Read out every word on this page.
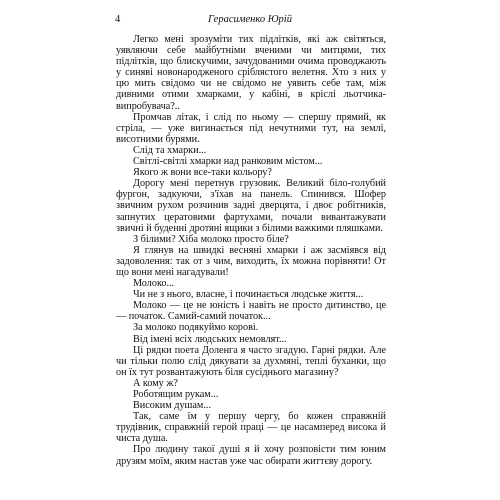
4	Герасименко Юрій

Легко мені зрозуміти тих підлітків, які аж світяться, уявляючи себе майбутніми вченими чи митцями, тих підлітків, що блискучими, зачудованими очима проводжають у синяві новонародженого сріблястого велетня. Хто з них у цю мить свідомо чи не свідомо не уявить себе там, між дивними отими хмарками, у кабіні, в кріслі льотчика-випробувача?..

Промчав літак, і слід по ньому — спершу прямий, як стріла, — уже вигинається під нечутними тут, на землі, висотними бурями.

Слід та хмарки...

Світлі-світлі хмарки над ранковим містом...

Якого ж вони все-таки кольору?

Дорогу мені перетнув грузовик. Великий біло-голубий фургон, задкуючи, з'їхав на панель. Спинився. Шофер звичним рухом розчинив задні дверцята, і двоє робітників, запнутих цератовими фартухами, почали вивантажувати звичні й буденні дротяні ящики з білими важкими пляшками.

З білими? Хіба молоко просто біле?

Я глянув на швидкі весняні хмарки і аж засміявся від задоволення: так от з чим, виходить, їх можна порівняти! От що вони мені нагадували!

Молоко...

Чи не з нього, власне, і починається людське життя...

Молоко — це не юність і навіть не просто дитинство, це — початок. Самий-самий початок...

За молоко подякуймо корові.

Від імені всіх людських немовлят...

Ці рядки поета Доленга я часто згадую. Гарні рядки. Але чи тільки полю слід дякувати за духмяні, теплі буханки, що он їх тут розвантажують біля сусіднього магазину?

А кому ж?

Роботящим рукам...

Високим душам...

Так, саме їм у першу чергу, бо кожен справжній трудівник, справжній герой праці — це насамперед висока й чиста душа.

Про людину такої душі я й хочу розповісти тим юним друзям моїм, яким настав уже час обирати життєву дорогу.
